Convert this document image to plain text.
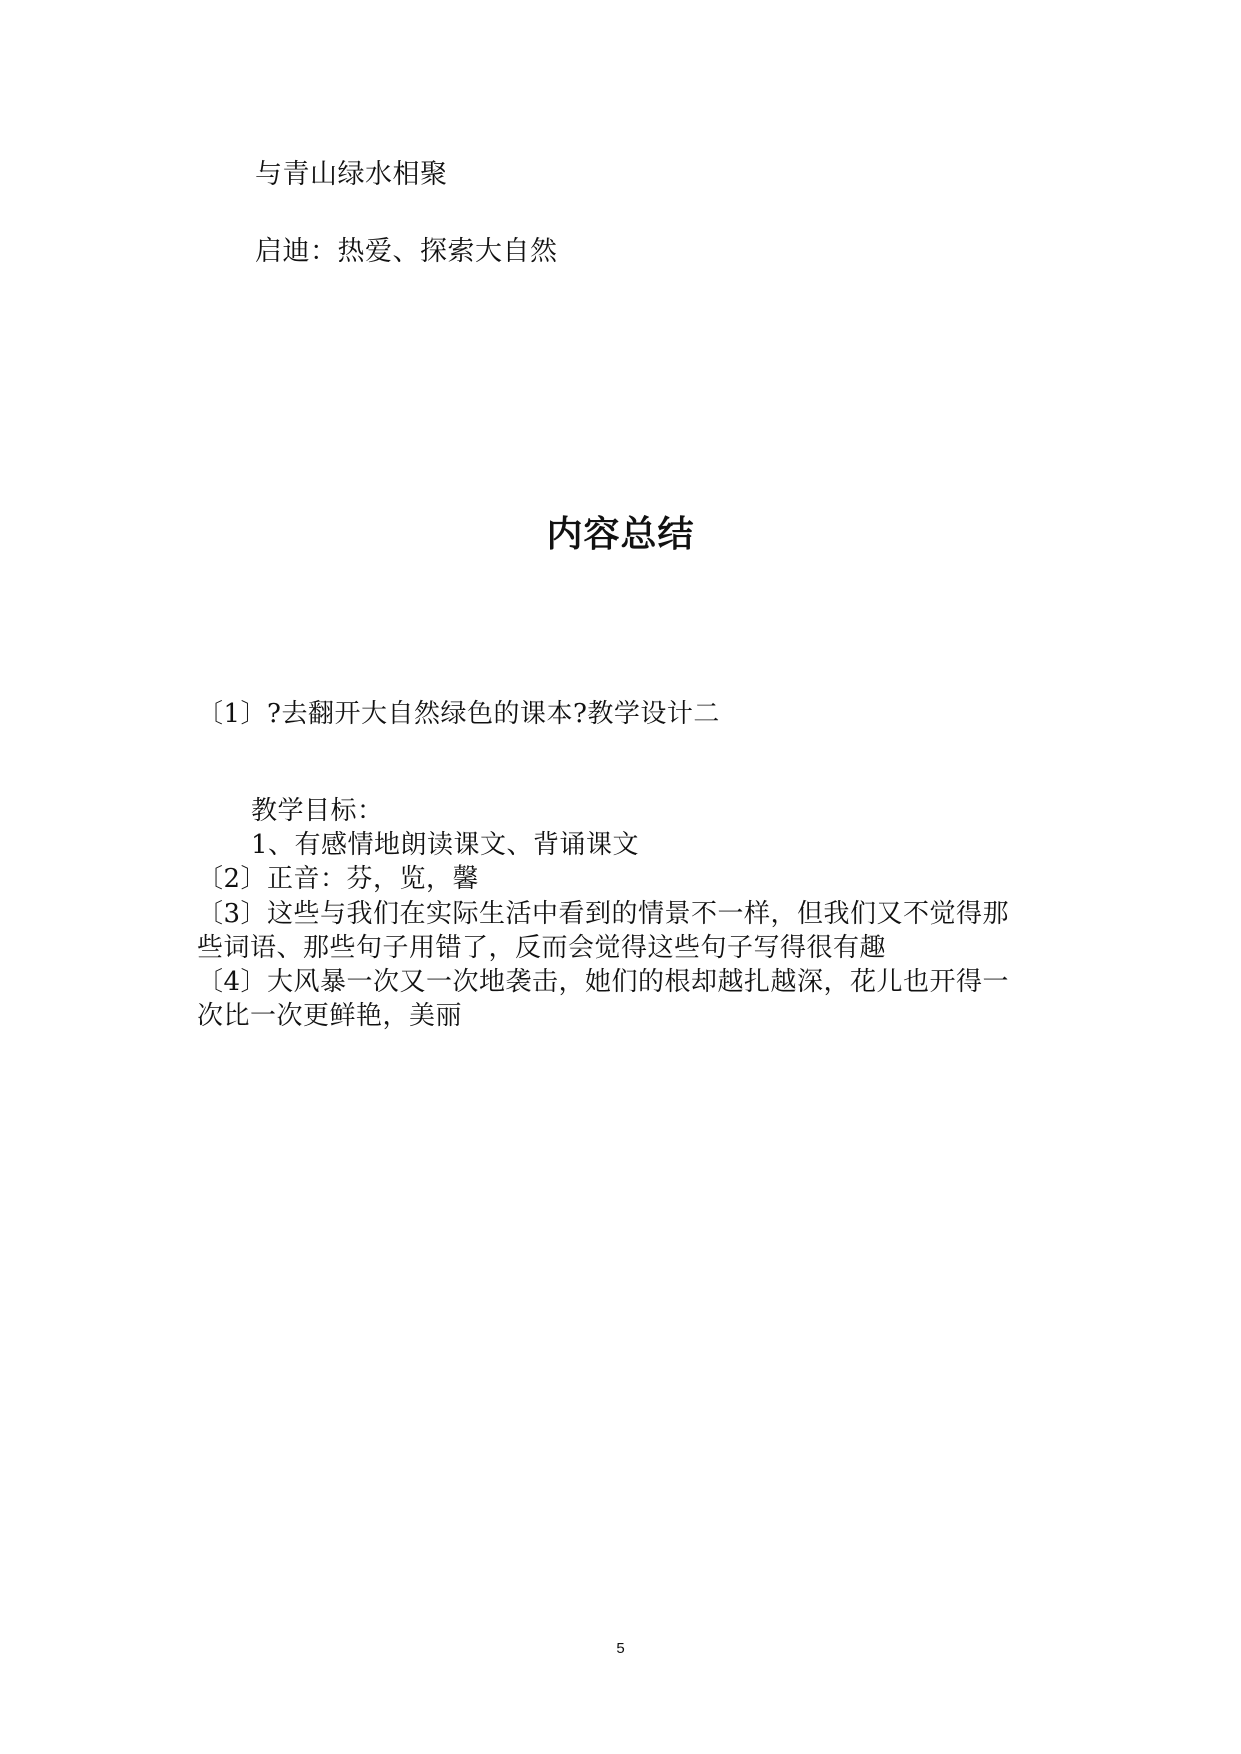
与青山绿水相聚
启迪：热爱、探索大自然
内容总结
〔1〕?去翻开大自然绿色的课本?教学设计二
教学目标：
1、有感情地朗读课文、背诵课文
〔2〕正音：芬，览，馨
〔3〕这些与我们在实际生活中看到的情景不一样，但我们又不觉得那
些词语、那些句子用错了，反而会觉得这些句子写得很有趣
〔4〕大风暴一次又一次地袭击，她们的根却越扎越深，花儿也开得一
次比一次更鲜艳，美丽
5
